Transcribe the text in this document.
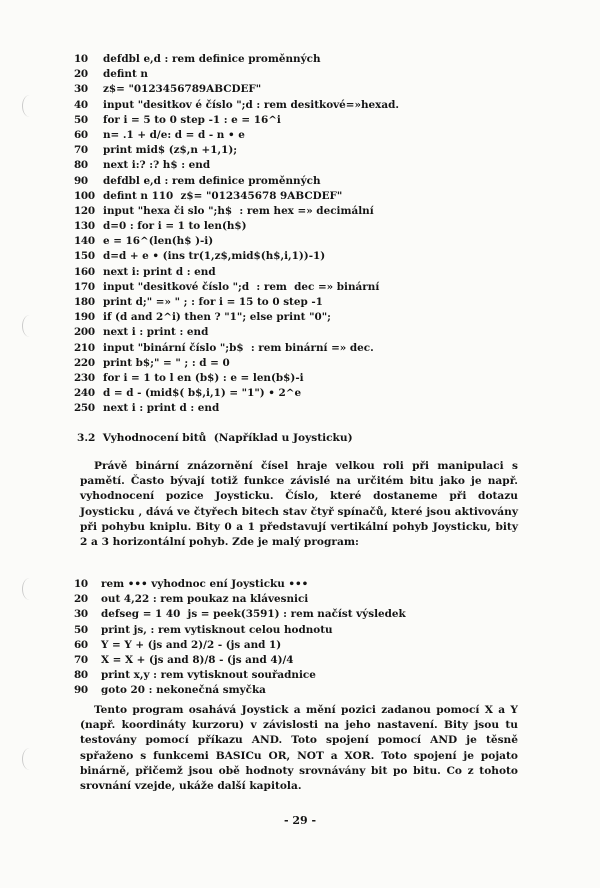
10	defdbl e,d : rem definice proměnných
20	defint n
30	z$= "0123456789ABCDEF"
40	input "desitkov é číslo ";d : rem desitkové=»hexad.
50	for i = 5 to 0 step -1 : e = 16^i
60	n= .1 + d/e: d = d - n • e
70	print mid$ (z$,n +1,1);
80	next i:? :? h$ : end
90	defdbl e,d : rem definice proměnných
100 defint n 110  z$= "012345678 9ABCDEF"
120 input "hexa či slo ";h$  : rem hex =» decimální
130 d=0 : for i = 1 to len(h$)
140 e = 16^(len(h$ )-i)
150 d=d + e • (ins tr(1,z$,mid$(h$,i,1))-1)
160 next i: print d : end
170 input "desitkové číslo ";d  : rem  dec =» binární
180 print d;" =» " ; : for i = 15 to 0 step -1
190 if (d and 2^i) then ? "1"; else print "0";
200 next i : print : end
210 input "binární číslo ";b$  : rem binární =» dec.
220 print b$;" = " ; : d = 0
230 for i = 1 to l en (b$) : e = len(b$)-i
240 d = d - (mid$( b$,i,1) = "1") • 2^e
250 next i : print d : end
3.2  Vyhodnocení bitů  (Například u Joysticku)
Právě binární znázornění čísel hraje velkou roli při manipulaci s pamětí. Často bývají totiž funkce závislé na určitém bitu jako je např. vyhodnocení pozice Joysticku. Číslo, které dostaneme při dotazu Joysticku , dává ve čtyřech bitech stav čtyř spínačů, které jsou aktivovány při pohybu kniplu. Bity 0 a 1 představují vertikální pohyb Joysticku, bity 2 a 3 horizontální pohyb. Zde je malý program:
10	rem ••• vyhodnoc ení Joysticku •••
20	out 4,22 : rem poukaz na klávesnici
30	defseg = 1 40  js = peek(3591) : rem načíst výsledek
50	print js, : rem vytisknout celou hodnotu
60	Y = Y + (js and 2)/2 - (js and 1)
70	X = X + (js and 8)/8 - (js and 4)/4
80	print x,y : rem vytisknout souřadnice
90	goto 20 : nekonečná smyčka
Tento program osahává Joystick a mění pozici zadanou pomocí X a Y (např. koordináty kurzoru) v závislosti na jeho nastavení. Bity jsou tu testovány pomocí příkazu AND. Toto spojení pomocí AND je těsně spřaženo s funkcemi BASICu OR, NOT a XOR. Toto spojení je pojato binárně, přičemž jsou obě hodnoty srovnávány bit po bitu. Co z tohoto srovnání vzejde, ukáže další kapitola.
- 29 -
